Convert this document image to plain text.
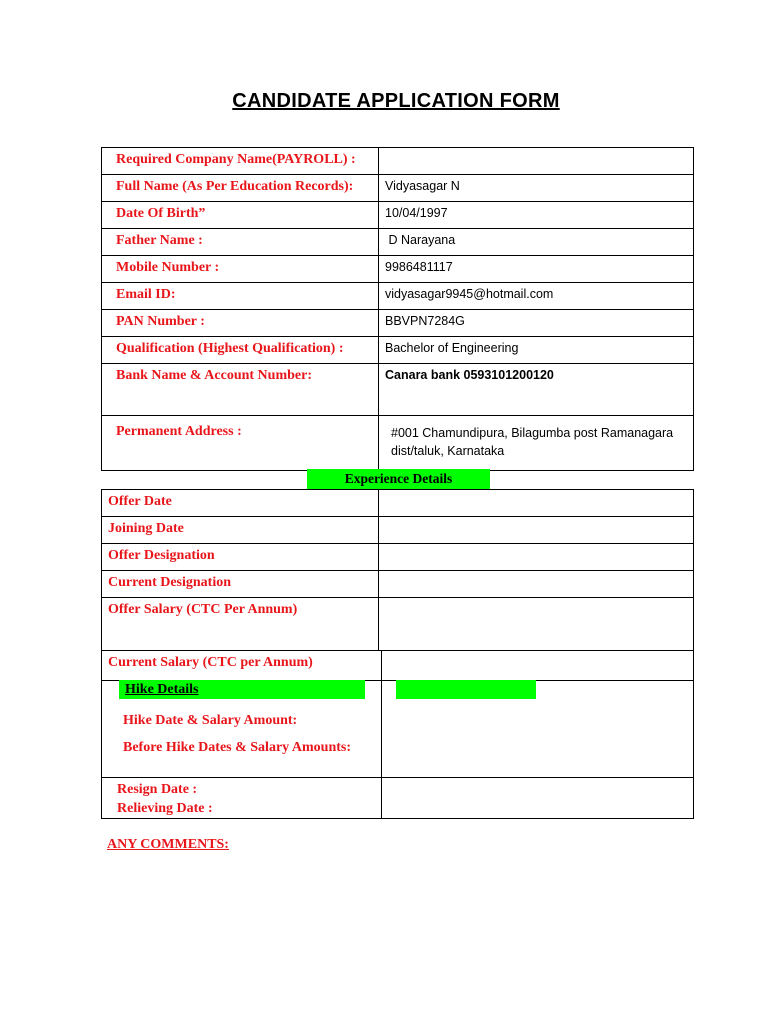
CANDIDATE APPLICATION FORM
Required Company Name(PAYROLL) :	

Full Name (As Per Education Records):	Vidyasagar N

Date Of Birth”	10/04/1997

Father Name :	D Narayana

Mobile Number :	9986481117

Email ID:	vidyasagar9945@hotmail.com

PAN Number :	BBVPN7284G

Qualification (Highest Qualification) :	Bachelor of Engineering

Bank Name & Account Number:	Canara bank 0593101200120

Permanent Address :	#001 Chamundipura, Bilagumba post Ramanagara
dist/taluk, Karnataka
Experience Details
Offer Date	

Joining Date	

Offer Designation	

Current Designation	

Offer Salary (CTC Per Annum)	

Current Salary (CTC per Annum)	

Resign Date :
Relieving Date :	

Hike Details
Hike Date & Salary Amount:
Before Hike Dates & Salary Amounts:
ANY COMMENTS:
